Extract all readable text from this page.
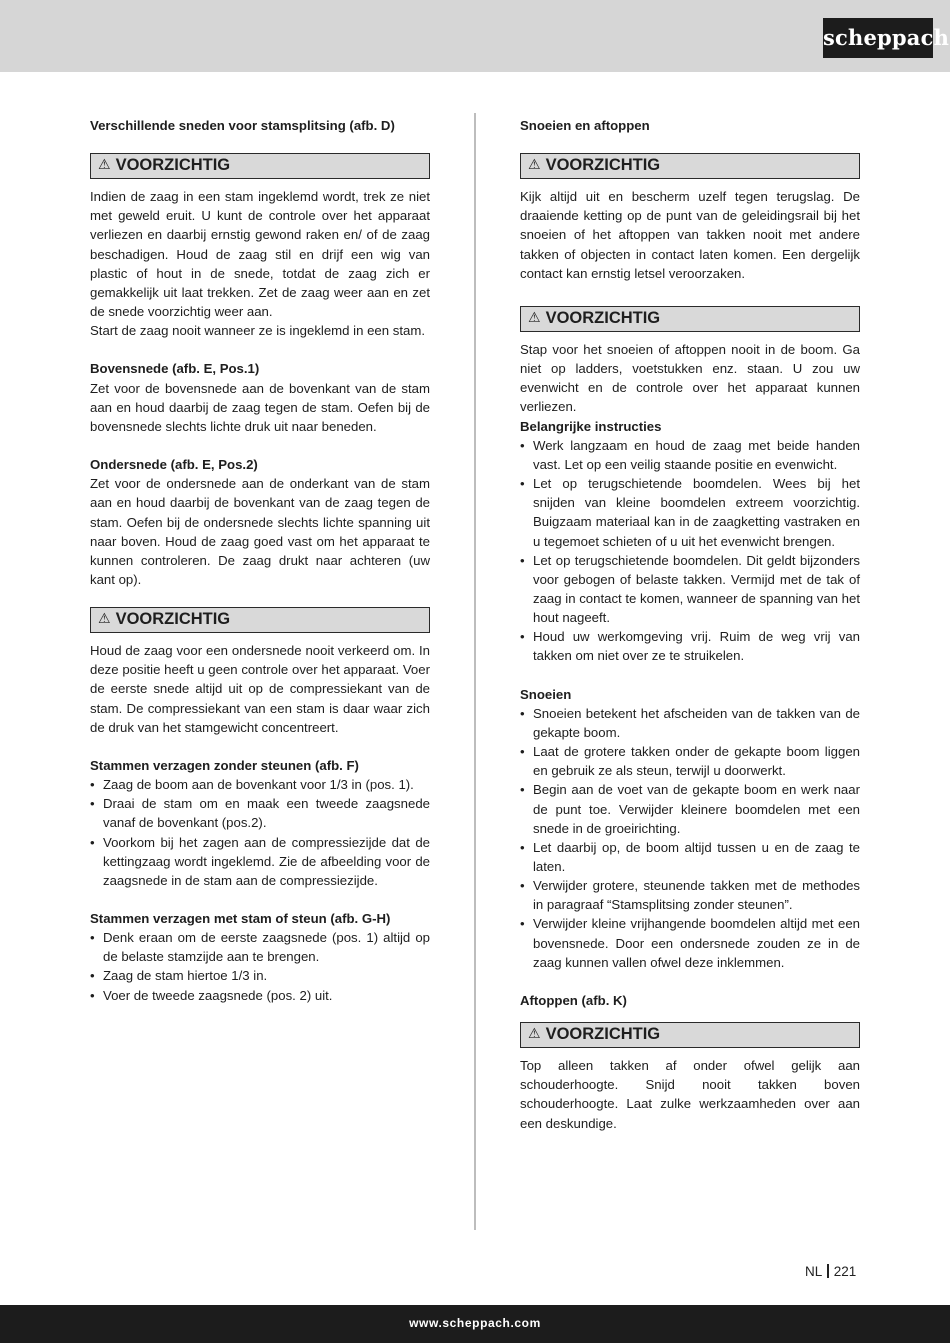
scheppach
Verschillende sneden voor stamsplitsing (afb. D)
⚠ VOORZICHTIG

Indien de zaag in een stam ingeklemd wordt, trek ze niet met geweld eruit. U kunt de controle over het apparaat verliezen en daarbij ernstig gewond raken en/ of de zaag beschadigen. Houd de zaag stil en drijf een wig van plastic of hout in de snede, totdat de zaag zich er gemakkelijk uit laat trekken. Zet de zaag weer aan en zet de snede voorzichtig weer aan.

Start de zaag nooit wanneer ze is ingeklemd in een stam.

Bovensnede (afb. E, Pos.1)

Zet voor de bovensnede aan de bovenkant van de stam aan en houd daarbij de zaag tegen de stam. Oefen bij de bovensnede slechts lichte druk uit naar beneden.

Ondersnede (afb. E, Pos.2)

Zet voor de ondersnede aan de onderkant van de stam aan en houd daarbij de bovenkant van de zaag tegen de stam. Oefen bij de ondersnede slechts lichte spanning uit naar boven. Houd de zaag goed vast om het apparaat te kunnen controleren. De zaag drukt naar achteren (uw kant op).

⚠ VOORZICHTIG

Houd de zaag voor een ondersnede nooit verkeerd om. In deze positie heeft u geen controle over het apparaat. Voer de eerste snede altijd uit op de compressiekant van de stam. De compressiekant van een stam is daar waar zich de druk van het stamgewicht concentreert.

Stammen verzagen zonder steunen (afb. F)
• Zaag de boom aan de bovenkant voor 1/3 in (pos. 1).
• Draai de stam om en maak een tweede zaagsnede vanaf de bovenkant (pos.2).
• Voorkom bij het zagen aan de compressiezijde dat de kettingzaag wordt ingeklemd. Zie de afbeelding voor de zaagsnede in de stam aan de compressiezijde.
Stammen verzagen met stam of steun (afb. G-H)
• Denk eraan om de eerste zaagsnede (pos. 1) altijd op de belaste stamzijde aan te brengen.
• Zaag de stam hiertoe 1/3 in.
• Voer de tweede zaagsnede (pos. 2) uit.
Snoeien en aftoppen
⚠ VOORZICHTIG

Kijk altijd uit en bescherm uzelf tegen terugslag. De draaiende ketting op de punt van de geleidingsrail bij het snoeien of het aftoppen van takken nooit met andere takken of objecten in contact laten komen. Een dergelijk contact kan ernstig letsel veroorzaken.

⚠ VOORZICHTIG

Stap voor het snoeien of aftoppen nooit in de boom. Ga niet op ladders, voetstukken enz. staan. U zou uw evenwicht en de controle over het apparaat kunnen verliezen.

Belangrijke instructies
• Werk langzaam en houd de zaag met beide handen vast. Let op een veilig staande positie en evenwicht.
• Let op terugschietende boomdelen. Wees bij het snijden van kleine boomdelen extreem voorzichtig. Buigzaam materiaal kan in de zaagketting vastraken en u tegemoet schieten of u uit het evenwicht brengen.
• Let op terugschietende boomdelen. Dit geldt bijzonders voor gebogen of belaste takken. Vermijd met de tak of zaag in contact te komen, wanneer de spanning van het hout nageeft.
• Houd uw werkomgeving vrij. Ruim de weg vrij van takken om niet over ze te struikelen.
Snoeien
• Snoeien betekent het afscheiden van de takken van de gekapte boom.
• Laat de grotere takken onder de gekapte boom liggen en gebruik ze als steun, terwijl u doorwerkt.
• Begin aan de voet van de gekapte boom en werk naar de punt toe. Verwijder kleinere boomdelen met een snede in de groeirichting.
• Let daarbij op, de boom altijd tussen u en de zaag te laten.
• Verwijder grotere, steunende takken met de methodes in paragraaf “Stamsplitsing zonder steunen”.
• Verwijder kleine vrijhangende boomdelen altijd met een bovensnede. Door een ondersnede zouden ze in de zaag kunnen vallen ofwel deze inklemmen.
Aftoppen (afb. K)
⚠ VOORZICHTIG

Top alleen takken af onder ofwel gelijk aan schouderhoogte. Snijd nooit takken boven schouderhoogte. Laat zulke werkzaamheden over aan een deskundige.

NL 221
www.scheppach.com
